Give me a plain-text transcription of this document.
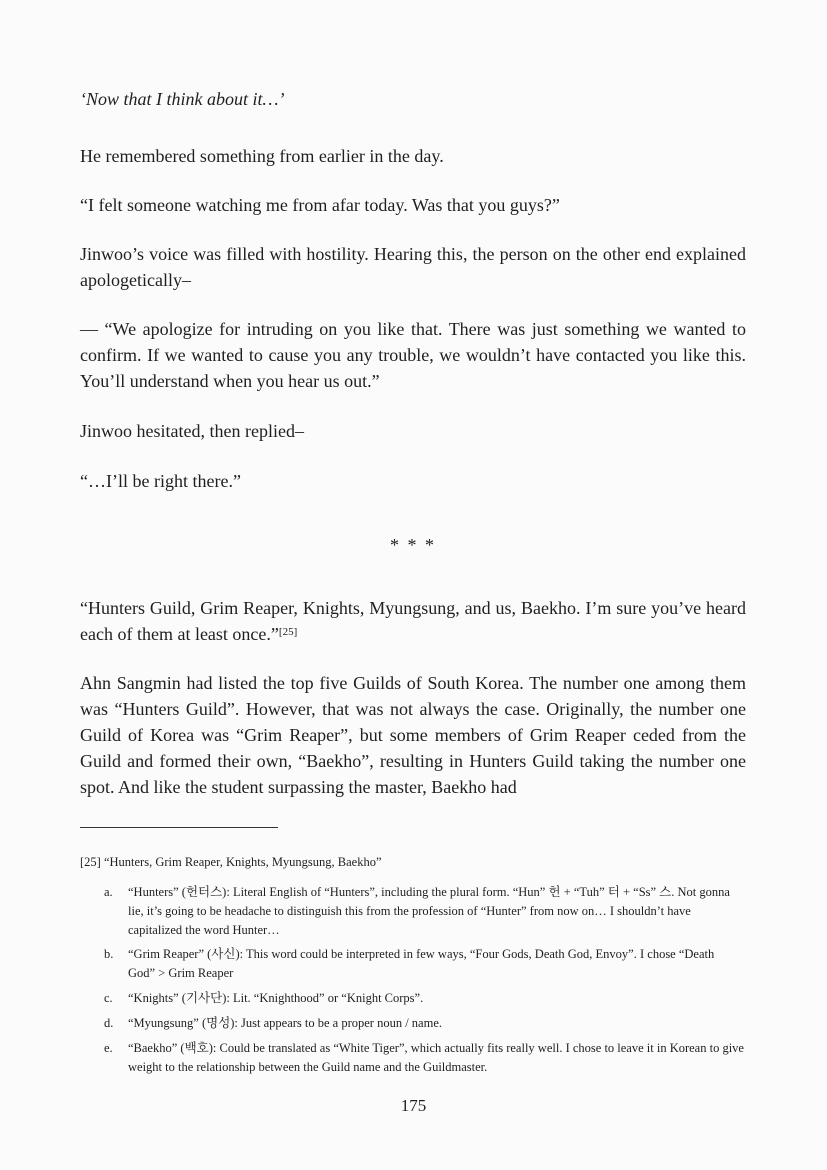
‘Now that I think about it…’

He remembered something from earlier in the day.

“I felt someone watching me from afar today. Was that you guys?”

Jinwoo’s voice was filled with hostility. Hearing this, the person on the other end explained apologetically–

— “We apologize for intruding on you like that. There was just something we wanted to confirm. If we wanted to cause you any trouble, we wouldn’t have contacted you like this. You’ll understand when you hear us out.”

Jinwoo hesitated, then replied–

“…I’ll be right there.”

* * *

“Hunters Guild, Grim Reaper, Knights, Myungsung, and us, Baekho. I’m sure you’ve heard each of them at least once.”[25]

Ahn Sangmin had listed the top five Guilds of South Korea. The number one among them was “Hunters Guild”. However, that was not always the case. Originally, the number one Guild of Korea was “Grim Reaper”, but some members of Grim Reaper ceded from the Guild and formed their own, “Baekho”, resulting in Hunters Guild taking the number one spot. And like the student surpassing the master, Baekho had

[25] “Hunters, Grim Reaper, Knights, Myungsung, Baekho”

a.	“Hunters” (헌터스): Literal English of “Hunters”, including the plural form. “Hun” 헌 + “Tuh” 터 + “Ss” 스. Not gonna lie, it’s going to be headache to distinguish this from the profession of “Hunter” from now on… I shouldn’t have capitalized the word Hunter…
b.	“Grim Reaper” (사신): This word could be interpreted in few ways, “Four Gods, Death God, Envoy”. I chose “Death God” > Grim Reaper
c.	“Knights” (기사단): Lit. “Knighthood” or “Knight Corps”.
d.	“Myungsung” (명성): Just appears to be a proper noun / name.
e.	“Baekho” (백호): Could be translated as “White Tiger”, which actually fits really well. I chose to leave it in Korean to give weight to the relationship between the Guild name and the Guildmaster.

175
